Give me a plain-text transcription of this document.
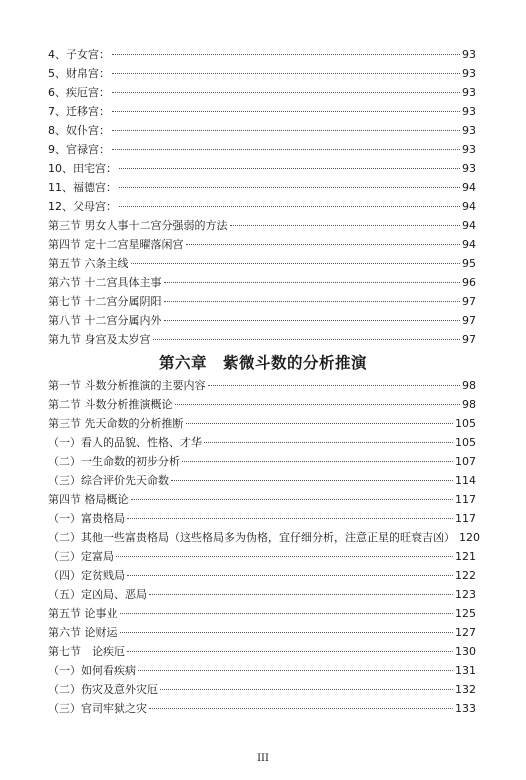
4、子女宫：	93
5、财帛宫：	93
6、疾厄宫：	93
7、迁移宫：	93
8、奴仆宫：	93
9、官禄宫：	93
10、田宅宫：	93
11、福德宫：	94
12、父母宫：	94
第三节 男女人事十二宫分强弱的方法	94
第四节 定十二宫星曜落闲宫	94
第五节 六条主线	95
第六节 十二宫具体主事	96
第七节 十二宫分属阴阳	97
第八节 十二宫分属内外	97
第九节 身宫及太岁宫	97
第六章　紫微斗数的分析推演
第一节 斗数分析推演的主要内容	98
第二节 斗数分析推演概论	98
第三节 先天命数的分析推断	105
（一）看人的品貌、性格、才华	105
（二）一生命数的初步分析	107
（三）综合评价先天命数	114
第四节 格局概论	117
（一）富贵格局	117
（二）其他一些富贵格局（这些格局多为伪格，宜仔细分析，注意正星的旺衰吉凶） 120
（三）定富局	121
（四）定贫贱局	122
（五）定凶局、恶局	123
第五节 论事业	125
第六节 论财运	127
第七节　论疾厄	130
（一）如何看疾病	131
（二）伤灾及意外灾厄	132
（三）官司牢狱之灾	133
III
